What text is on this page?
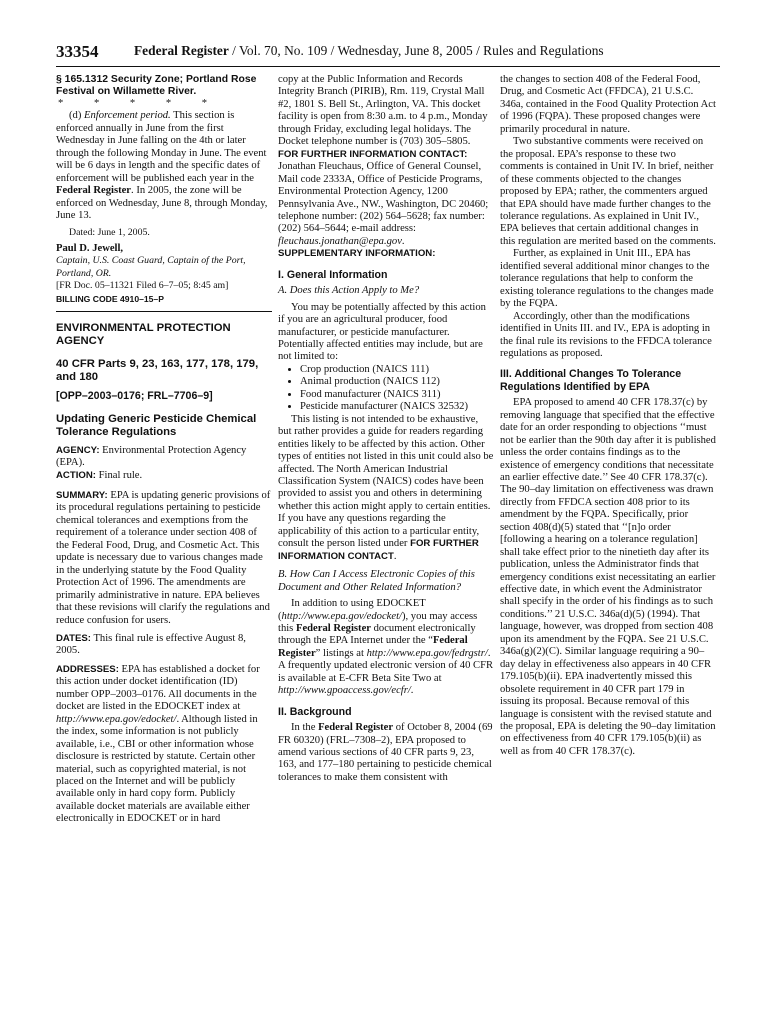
33354	Federal Register / Vol. 70, No. 109 / Wednesday, June 8, 2005 / Rules and Regulations

§ 165.1312 Security Zone; Portland Rose Festival on Willamette River.

* * * * *

(d) Enforcement period. This section is enforced annually in June from the first Wednesday in June falling on the 4th or later through the following Monday in June. The event will be 6 days in length and the specific dates of enforcement will be published each year in the Federal Register. In 2005, the zone will be enforced on Wednesday, June 8, through Monday, June 13.

Dated: June 1, 2005.

Paul D. Jewell,

Captain, U.S. Coast Guard, Captain of the Port, Portland, OR.

[FR Doc. 05–11321 Filed 6–7–05; 8:45 am]

BILLING CODE 4910–15–P

ENVIRONMENTAL PROTECTION AGENCY

40 CFR Parts 9, 23, 163, 177, 178, 179, and 180

[OPP–2003–0176; FRL–7706–9]

Updating Generic Pesticide Chemical Tolerance Regulations

AGENCY: Environmental Protection Agency (EPA).

ACTION: Final rule.

SUMMARY: EPA is updating generic provisions of its procedural regulations pertaining to pesticide chemical tolerances and exemptions from the requirement of a tolerance under section 408 of the Federal Food, Drug, and Cosmetic Act. This update is necessary due to various changes made in the underlying statute by the Food Quality Protection Act of 1996. The amendments are primarily administrative in nature. EPA believes that these revisions will clarify the regulations and reduce confusion for users.

DATES: This final rule is effective August 8, 2005.

ADDRESSES: EPA has established a docket for this action under docket identification (ID) number OPP–2003–0176. All documents in the docket are listed in the EDOCKET index at http://www.epa.gov/edocket/. Although listed in the index, some information is not publicly available, i.e., CBI or other information whose disclosure is restricted by statute. Certain other material, such as copyrighted material, is not placed on the Internet and will be publicly available only in hard copy form. Publicly available docket materials are available either electronically in EDOCKET or in hard

copy at the Public Information and Records Integrity Branch (PIRIB), Rm. 119, Crystal Mall #2, 1801 S. Bell St., Arlington, VA. This docket facility is open from 8:30 a.m. to 4 p.m., Monday through Friday, excluding legal holidays. The Docket telephone number is (703) 305–5805.

FOR FURTHER INFORMATION CONTACT: Jonathan Fleuchaus, Office of General Counsel, Mail code 2333A, Office of Pesticide Programs, Environmental Protection Agency, 1200 Pennsylvania Ave., NW., Washington, DC 20460; telephone number: (202) 564–5628; fax number: (202) 564–5644; e-mail address: fleuchaus.jonathan@epa.gov.

SUPPLEMENTARY INFORMATION:

I. General Information

A. Does this Action Apply to Me?

You may be potentially affected by this action if you are an agricultural producer, food manufacturer, or pesticide manufacturer. Potentially affected entities may include, but are not limited to:

• Crop production (NAICS 111)
• Animal production (NAICS 112)
• Food manufacturer (NAICS 311)
• Pesticide manufacturer (NAICS 32532)

This listing is not intended to be exhaustive, but rather provides a guide for readers regarding entities likely to be affected by this action. Other types of entities not listed in this unit could also be affected. The North American Industrial Classification System (NAICS) codes have been provided to assist you and others in determining whether this action might apply to certain entities. If you have any questions regarding the applicability of this action to a particular entity, consult the person listed under FOR FURTHER INFORMATION CONTACT.

B. How Can I Access Electronic Copies of this Document and Other Related Information?

In addition to using EDOCKET (http://www.epa.gov/edocket/), you may access this Federal Register document electronically through the EPA Internet under the “Federal Register” listings at http://www.epa.gov/fedrgstr/. A frequently updated electronic version of 40 CFR is available at E-CFR Beta Site Two at http://www.gpoaccess.gov/ecfr/.

II. Background

In the Federal Register of October 8, 2004 (69 FR 60320) (FRL–7308–2), EPA proposed to amend various sections of 40 CFR parts 9, 23, 163, and 177–180 pertaining to pesticide chemical tolerances to make them consistent with

the changes to section 408 of the Federal Food, Drug, and Cosmetic Act (FFDCA), 21 U.S.C. 346a, contained in the Food Quality Protection Act of 1996 (FQPA). These proposed changes were primarily procedural in nature.

Two substantive comments were received on the proposal. EPA’s response to these two comments is contained in Unit IV. In brief, neither of these comments objected to the changes proposed by EPA; rather, the commenters argued that EPA should have made further changes to the tolerance regulations. As explained in Unit IV., EPA believes that certain additional changes in this regulation are merited based on the comments.

Further, as explained in Unit III., EPA has identified several additional minor changes to the tolerance regulations that help to conform the existing tolerance regulations to the changes made by the FQPA.

Accordingly, other than the modifications identified in Units III. and IV., EPA is adopting in the final rule its revisions to the FFDCA tolerance regulations as proposed.

III. Additional Changes To Tolerance Regulations Identified by EPA

EPA proposed to amend 40 CFR 178.37(c) by removing language that specified that the effective date for an order responding to objections ‘‘must not be earlier than the 90th day after it is published unless the order contains findings as to the existence of emergency conditions that necessitate an earlier effective date.’’ See 40 CFR 178.37(c). The 90–day limitation on effectiveness was drawn directly from FFDCA section 408 prior to its amendment by the FQPA. Specifically, prior section 408(d)(5) stated that ‘‘[n]o order [following a hearing on a tolerance regulation] shall take effect prior to the ninetieth day after its publication, unless the Administrator finds that emergency conditions exist necessitating an earlier effective date, in which event the Administrator shall specify in the order of his findings as to such conditions.’’ 21 U.S.C. 346a(d)(5) (1994). That language, however, was dropped from section 408 upon its amendment by the FQPA. See 21 U.S.C. 346a(g)(2)(C). Similar language requiring a 90–day delay in effectiveness also appears in 40 CFR 179.105(b)(ii). EPA inadvertently missed this obsolete requirement in 40 CFR part 179 in issuing its proposal. Because removal of this language is consistent with the revised statute and the proposal, EPA is deleting the 90–day limitation on effectiveness from 40 CFR 179.105(b)(ii) as well as from 40 CFR 178.37(c).
